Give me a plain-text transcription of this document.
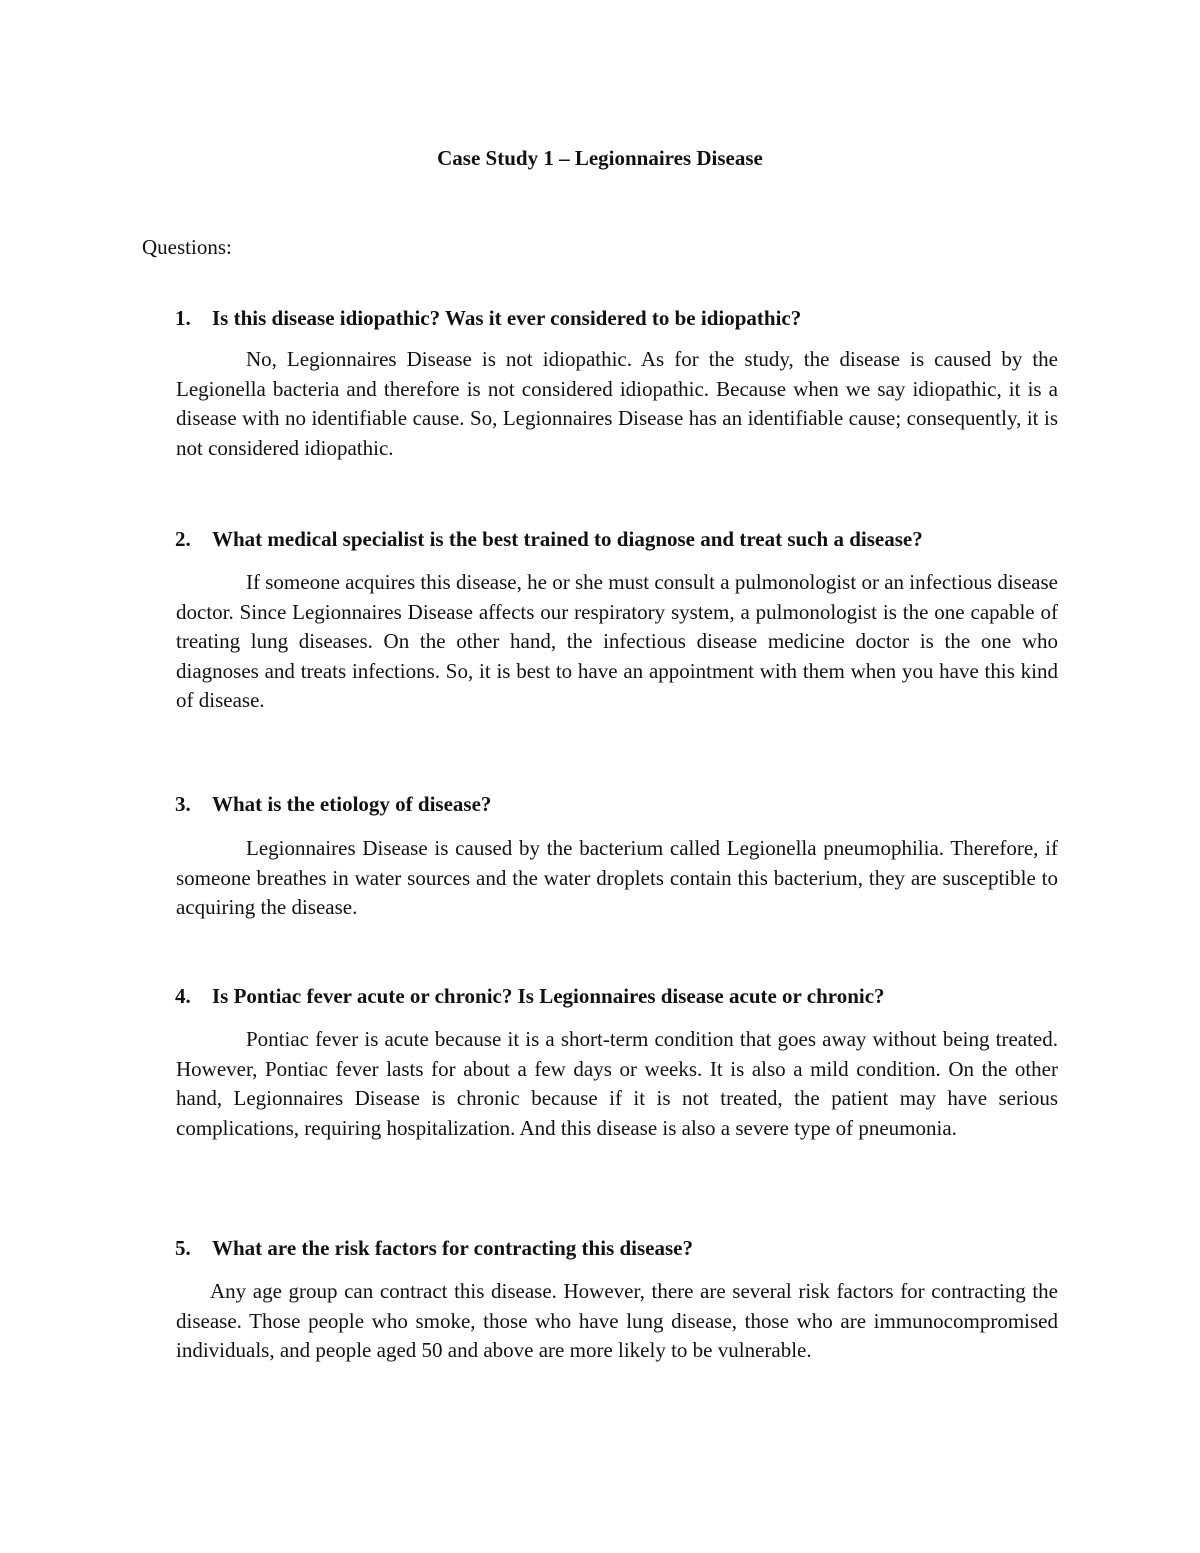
Case Study 1 – Legionnaires Disease

Questions:

1. Is this disease idiopathic? Was it ever considered to be idiopathic?

No, Legionnaires Disease is not idiopathic. As for the study, the disease is caused by the Legionella bacteria and therefore is not considered idiopathic. Because when we say idiopathic, it is a disease with no identifiable cause. So, Legionnaires Disease has an identifiable cause; consequently, it is not considered idiopathic.

2. What medical specialist is the best trained to diagnose and treat such a disease?

If someone acquires this disease, he or she must consult a pulmonologist or an infectious disease doctor. Since Legionnaires Disease affects our respiratory system, a pulmonologist is the one capable of treating lung diseases. On the other hand, the infectious disease medicine doctor is the one who diagnoses and treats infections. So, it is best to have an appointment with them when you have this kind of disease.

3. What is the etiology of disease?

Legionnaires Disease is caused by the bacterium called Legionella pneumophilia. Therefore, if someone breathes in water sources and the water droplets contain this bacterium, they are susceptible to acquiring the disease.

4. Is Pontiac fever acute or chronic? Is Legionnaires disease acute or chronic?

Pontiac fever is acute because it is a short-term condition that goes away without being treated. However, Pontiac fever lasts for about a few days or weeks. It is also a mild condition. On the other hand, Legionnaires Disease is chronic because if it is not treated, the patient may have serious complications, requiring hospitalization. And this disease is also a severe type of pneumonia.

5. What are the risk factors for contracting this disease?

Any age group can contract this disease. However, there are several risk factors for contracting the disease. Those people who smoke, those who have lung disease, those who are immunocompromised individuals, and people aged 50 and above are more likely to be vulnerable.
